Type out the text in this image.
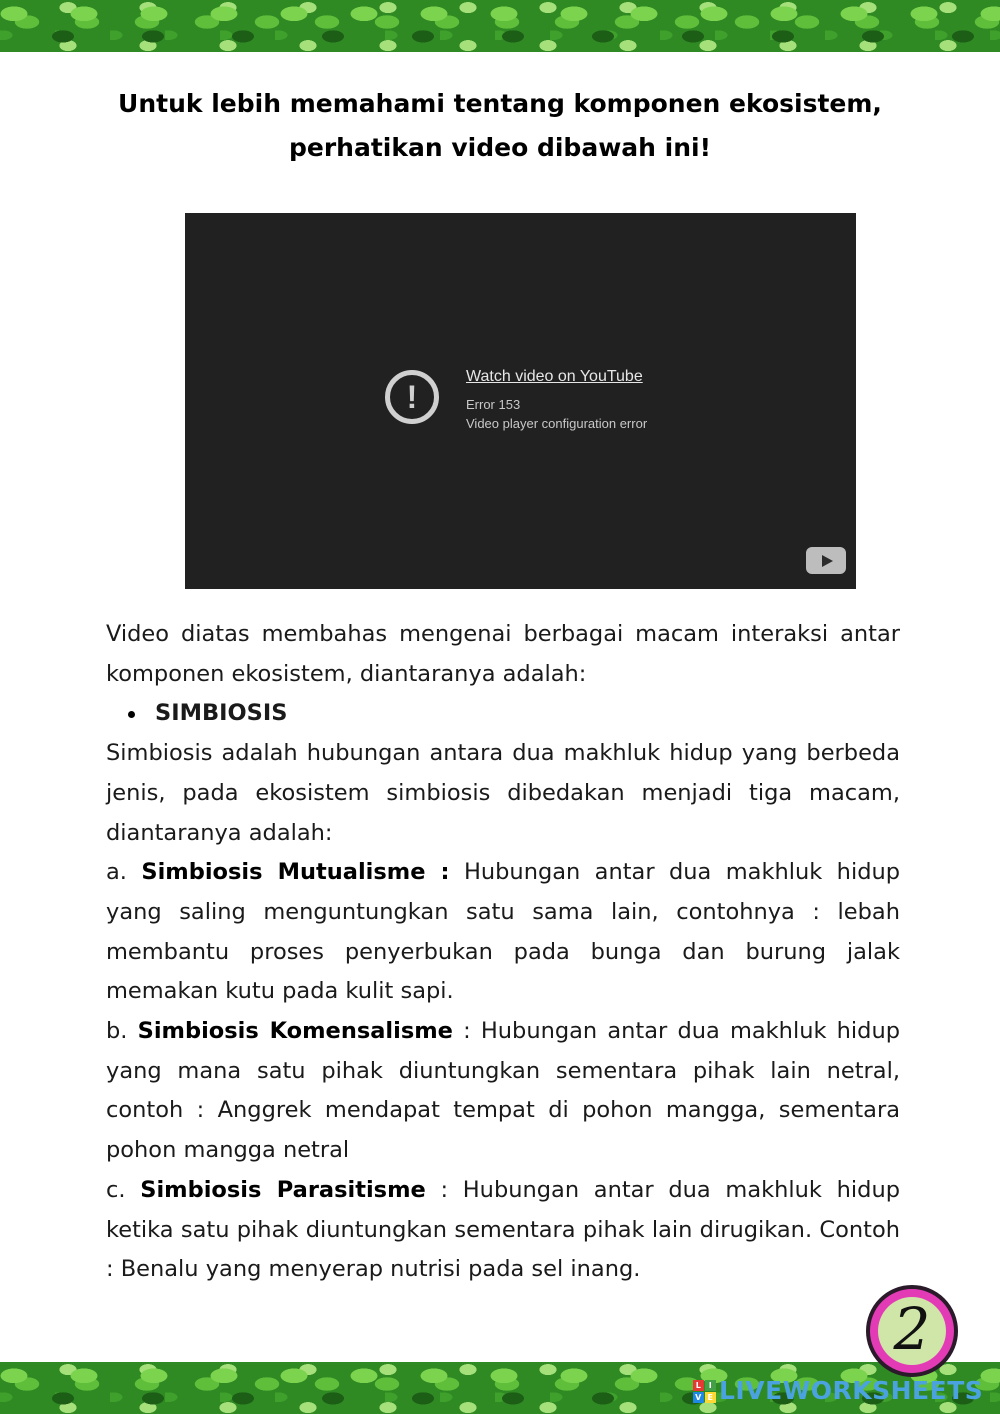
Untuk lebih memahami tentang komponen ekosistem, perhatikan video dibawah ini!
!
Watch video on YouTube
Error 153
Video player configuration error

Video diatas membahas mengenai berbagai macam interaksi antar komponen ekosistem, diantaranya adalah:

SIMBIOSIS

Simbiosis adalah hubungan antara dua makhluk hidup yang berbeda jenis, pada ekosistem simbiosis dibedakan menjadi tiga macam, diantaranya adalah:

a. Simbiosis Mutualisme : Hubungan antar dua makhluk hidup yang saling menguntungkan satu sama lain, contohnya : lebah membantu proses penyerbukan pada bunga dan burung jalak memakan kutu pada kulit sapi.

b. Simbiosis Komensalisme : Hubungan antar dua makhluk hidup yang mana satu pihak diuntungkan sementara pihak lain netral, contoh : Anggrek mendapat tempat di pohon mangga, sementara pohon mangga netral

c. Simbiosis Parasitisme : Hubungan antar dua makhluk hidup ketika satu pihak diuntungkan sementara pihak lain dirugikan. Contoh : Benalu yang menyerap nutrisi pada sel inang.

2
L I
V E LIVEWORKSHEETS
